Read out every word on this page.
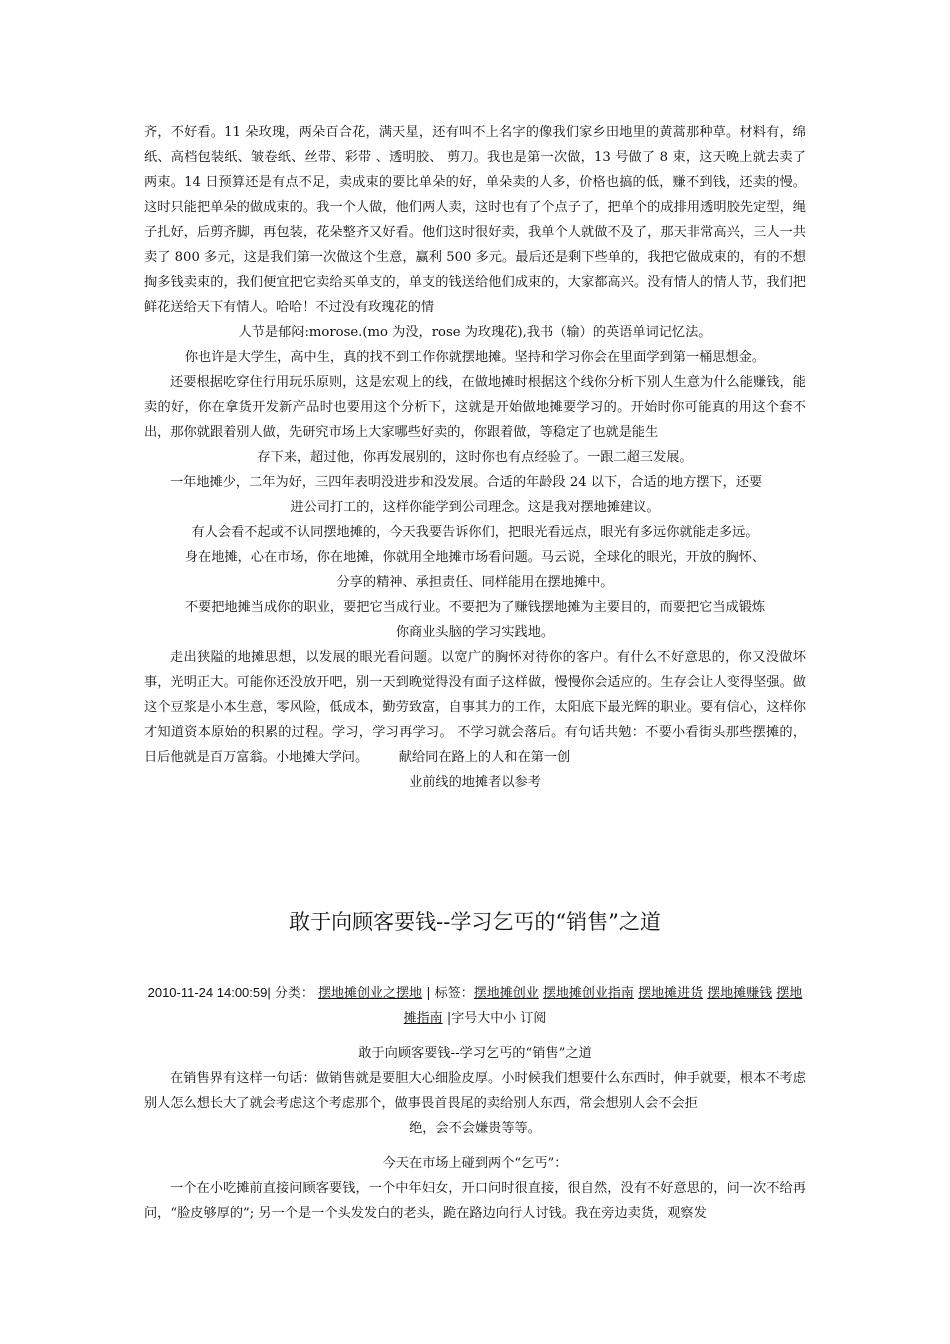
齐，不好看。11 朵玫瑰，两朵百合花，满天星，还有叫不上名字的像我们家乡田地里的黄蒿那种草。材料有，绵纸、高档包装纸、皱卷纸、丝带、彩带 、透明胶、 剪刀。我也是第一次做，13 号做了 8 束，这天晚上就去卖了两束。14 日预算还是有点不足，卖成束的要比单朵的好，单朵卖的人多，价格也搞的低，赚不到钱，还卖的慢。这时只能把单朵的做成束的。我一个人做，他们两人卖，这时也有了个点子了，把单个的成排用透明胶先定型，绳子扎好，后剪齐脚，再包装，花朵整齐又好看。他们这时很好卖，我单个人就做不及了，那天非常高兴，三人一共卖了 800 多元，这是我们第一次做这个生意，赢利 500 多元。最后还是剩下些单的，我把它做成束的，有的不想掏多钱卖束的，我们便宜把它卖给买单支的，单支的钱送给他们成束的，大家都高兴。没有情人的情人节，我们把鲜花送给天下有情人。哈哈！不过没有玫瑰花的情
人节是郁闷:morose.(mo 为没，rose 为玫瑰花),我书（输）的英语单词记忆法。

你也许是大学生，高中生，真的找不到工作你就摆地摊。坚持和学习你会在里面学到第一桶思想金。

还要根据吃穿住行用玩乐原则，这是宏观上的线，在做地摊时根据这个线你分析下别人生意为什么能赚钱，能卖的好，你在拿货开发新产品时也要用这个分析下，这就是开始做地摊要学习的。开始时你可能真的用这个套不出，那你就跟着别人做，先研究市场上大家哪些好卖的，你跟着做，等稳定了也就是能生
存下来，超过他，你再发展别的，这时你也有点经验了。一跟二超三发展。

一年地摊少，二年为好，三四年表明没进步和没发展。合适的年龄段 24 以下，合适的地方摆下，还要
进公司打工的，这样你能学到公司理念。这是我对摆地摊建议。

有人会看不起或不认同摆地摊的，今天我要告诉你们，把眼光看远点，眼光有多远你就能走多远。

身在地摊，心在市场，你在地摊，你就用全地摊市场看问题。马云说，全球化的眼光，开放的胸怀、
分享的精神、承担责任、同样能用在摆地摊中。

不要把地摊当成你的职业，要把它当成行业。不要把为了赚钱摆地摊为主要目的，而要把它当成锻炼
你商业头脑的学习实践地。

走出狭隘的地摊思想，以发展的眼光看问题。以宽广的胸怀对待你的客户。有什么不好意思的，你又没做坏事，光明正大。可能你还没放开吧，别一天到晚觉得没有面子这样做，慢慢你会适应的。生存会让人变得坚强。做这个豆浆是小本生意，零风险，低成本，勤劳致富，自事其力的工作，太阳底下最光辉的职业。要有信心，这样你才知道资本原始的积累的过程。学习，学习再学习。 不学习就会落后。有句话共勉：不要小看街头那些摆摊的，日后他就是百万富翁。小地摊大学问。 　　献给同在路上的人和在第一创
业前线的地摊者以参考

敢于向顾客要钱--学习乞丐的“销售”之道

2010-11-24 14:00:59| 分类： 摆地摊创业之摆地 | 标签：摆地摊创业 摆地摊创业指南 摆地摊进货 摆地摊赚钱 摆地摊指南 |字号大中小 订阅

敢于向顾客要钱--学习乞丐的“销售”之道

在销售界有这样一句话：做销售就是要胆大心细脸皮厚。小时候我们想要什么东西时，伸手就要，根本不考虑别人怎么想长大了就会考虑这个考虑那个，做事畏首畏尾的卖给别人东西，常会想别人会不会拒
绝，会不会嫌贵等等。

今天在市场上碰到两个“乞丐”：

一个在小吃摊前直接问顾客要钱，一个中年妇女，开口问时很直接，很自然，没有不好意思的，问一次不给再问，“脸皮够厚的”; 另一个是一个头发发白的老头，跪在路边向行人讨钱。我在旁边卖货，观察发
